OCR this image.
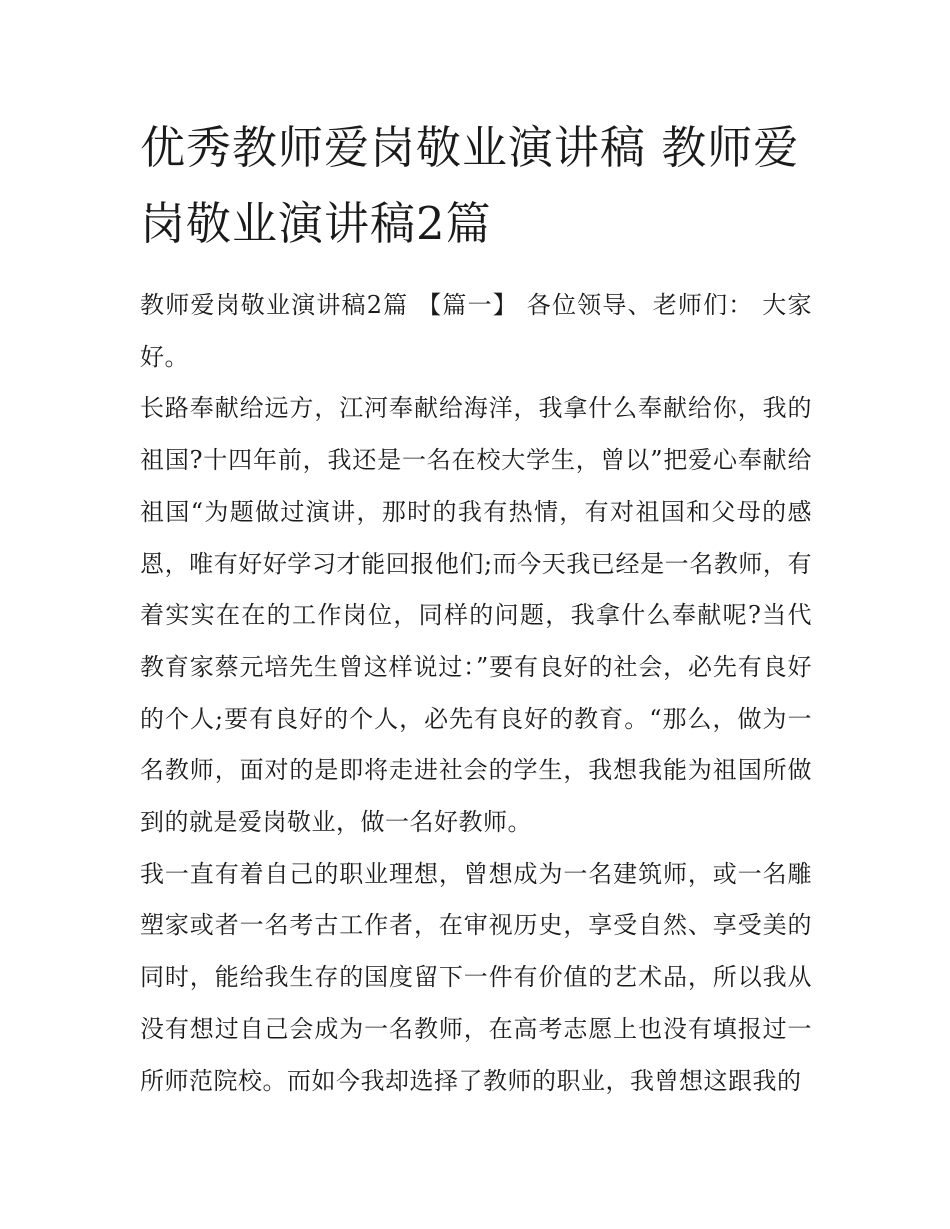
优秀教师爱岗敬业演讲稿 教师爱岗敬业演讲稿2篇

教师爱岗敬业演讲稿2篇 【篇一】 各位领导、老师们： 大家好。

长路奉献给远方，江河奉献给海洋，我拿什么奉献给你，我的祖国?十四年前，我还是一名在校大学生，曾以”把爱心奉献给祖国“为题做过演讲，那时的我有热情，有对祖国和父母的感恩，唯有好好学习才能回报他们;而今天我已经是一名教师，有着实实在在的工作岗位，同样的问题，我拿什么奉献呢?当代教育家蔡元培先生曾这样说过：”要有良好的社会，必先有良好的个人;要有良好的个人，必先有良好的教育。“那么，做为一名教师，面对的是即将走进社会的学生，我想我能为祖国所做到的就是爱岗敬业，做一名好教师。

我一直有着自己的职业理想，曾想成为一名建筑师，或一名雕塑家或者一名考古工作者，在审视历史，享受自然、享受美的同时，能给我生存的国度留下一件有价值的艺术品，所以我从没有想过自己会成为一名教师，在高考志愿上也没有填报过一所师范院校。而如今我却选择了教师的职业，我曾想这跟我的
